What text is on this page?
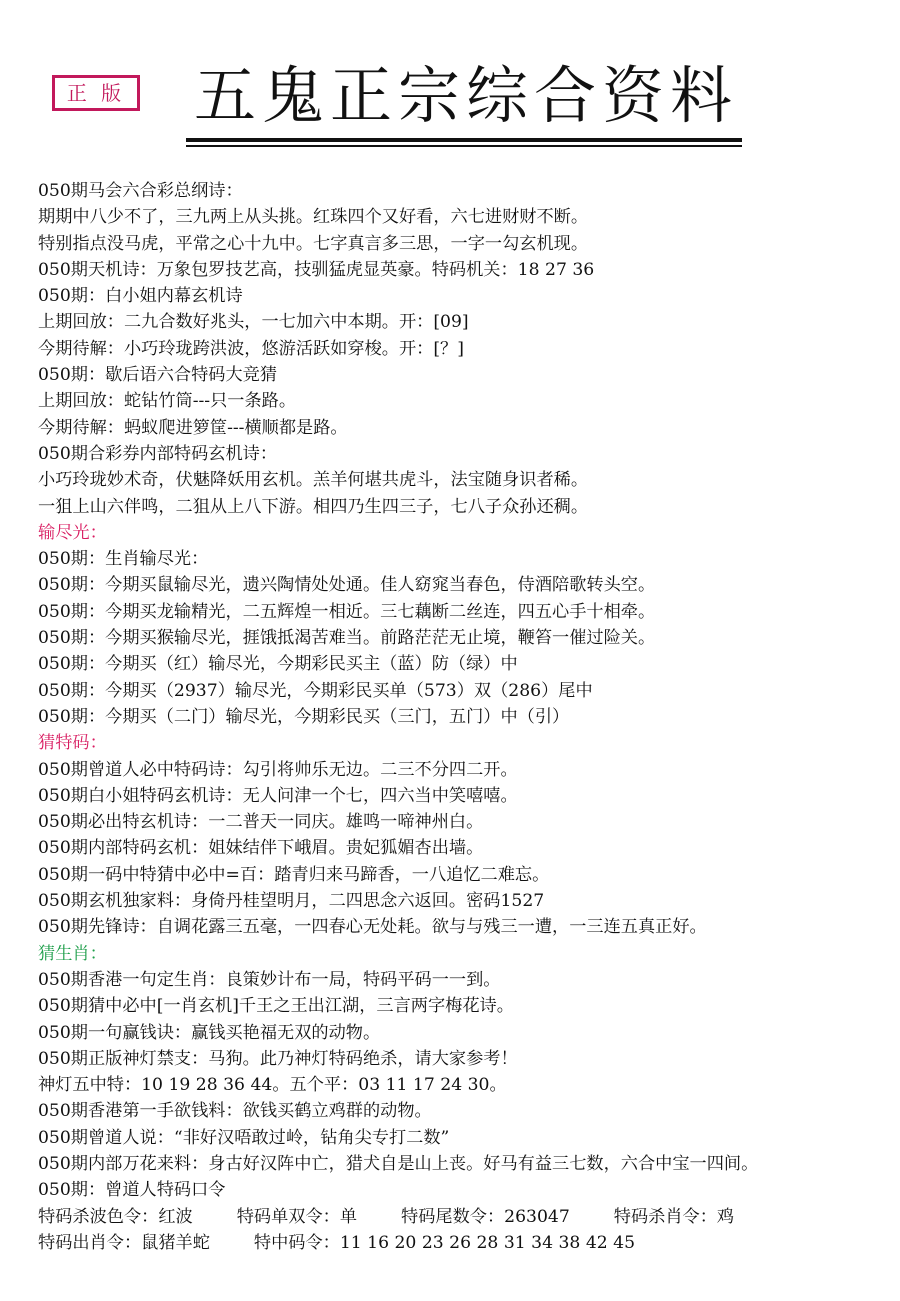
正 版 五鬼正宗综合资料
050期马会六合彩总纲诗：
期期中八少不了，三九两上从头挑。红珠四个又好看，六七进财财不断。
特别指点没马虎，平常之心十九中。七字真言多三思，一字一勾玄机现。
050期天机诗：万象包罗技艺高，技驯猛虎显英豪。特码机关：18 27 36
050期：白小姐内幕玄机诗
上期回放：二九合数好兆头，一七加六中本期。开：[09]
今期待解：小巧玲珑跨洪波，悠游活跃如穿梭。开：[？]
050期：歇后语六合特码大竞猜
上期回放：蛇钻竹筒---只一条路。
今期待解：蚂蚁爬进箩筐---横顺都是路。
050期合彩券内部特码玄机诗：
小巧玲珑妙术奇，伏魅降妖用玄机。羔羊何堪共虎斗，法宝随身识者稀。
一狙上山六伴鸣，二狙从上八下游。相四乃生四三子，七八子众孙还稠。
输尽光：
050期：生肖输尽光：
050期：今期买鼠输尽光，遗兴陶情处处通。佳人窈窕当春色，侍酒陪歌转头空。
050期：今期买龙输精光，二五辉煌一相近。三七藕断二丝连，四五心手十相牵。
050期：今期买猴输尽光，捱饿抵渴苦难当。前路茫茫无止境，鞭笞一催过险关。
050期：今期买（红）输尽光，今期彩民买主（蓝）防（绿）中
050期：今期买（2937）输尽光，今期彩民买单（573）双（286）尾中
050期：今期买（二门）输尽光，今期彩民买（三门，五门）中（引）
猜特码：
050期曾道人必中特码诗：勾引将帅乐无边。二三不分四二开。
050期白小姐特码玄机诗：无人问津一个七，四六当中笑嘻嘻。
050期必出特玄机诗：一二普天一同庆。雄鸣一啼神州白。
050期内部特码玄机：姐妹结伴下峨眉。贵妃狐媚杏出墙。
050期一码中特猜中必中=百：踏青归来马蹄香，一八追忆二难忘。
050期玄机独家料：身倚丹桂望明月，二四思念六返回。密码1527
050期先锋诗：自调花露三五毫，一四春心无处耗。欲与与残三一遭，一三连五真正好。
猜生肖：
050期香港一句定生肖：良策妙计布一局，特码平码一一到。
050期猜中必中[一肖玄机]千王之王出江湖，三言两字梅花诗。
050期一句赢钱诀：赢钱买艳福无双的动物。
050期正版神灯禁支：马狗。此乃神灯特码绝杀，请大家参考！
神灯五中特：10 19 28 36 44。五个平：03 11 17 24 30。
050期香港第一手欲钱料：欲钱买鹤立鸡群的动物。
050期曾道人说：“非好汉唔敢过岭，钻角尖专打二数”
050期内部万花来料：身古好汉阵中亡，猎犬自是山上丧。好马有益三七数，六合中宝一四间。
050期：曾道人特码口令
特码杀波色令：红波	特码单双令：单	特码尾数令：263047	特码杀肖令：鸡
特码出肖令：鼠猪羊蛇	特中码令：11 16 20 23 26 28 31 34 38 42 45
